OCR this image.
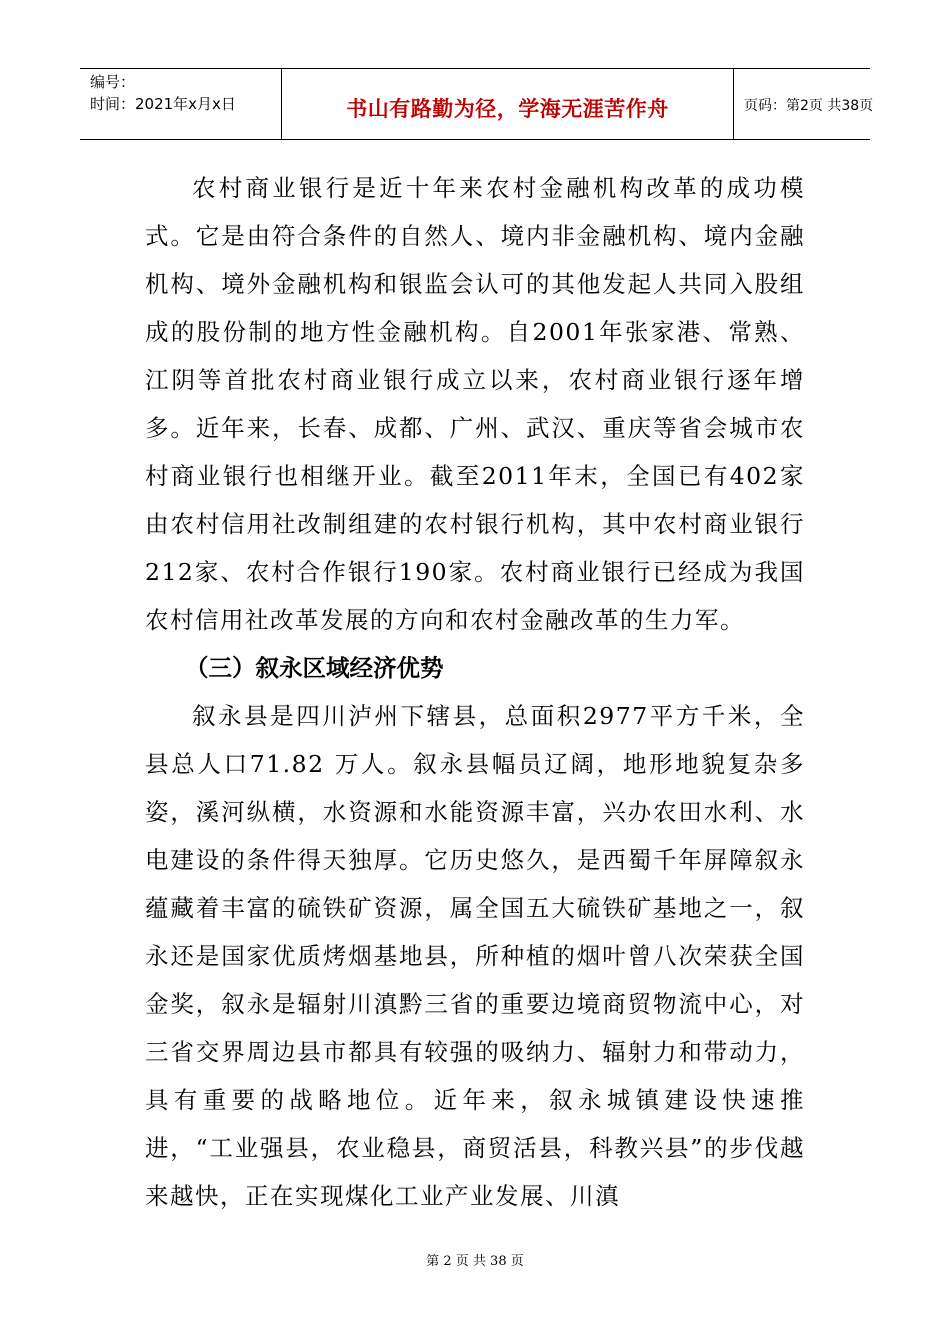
编号：
时间：2021年x月x日	书山有路勤为径，学海无涯苦作舟	页码：第2页 共38页

农村商业银行是近十年来农村金融机构改革的成功模式。它是由符合条件的自然人、境内非金融机构、境内金融机构、境外金融机构和银监会认可的其他发起人共同入股组成的股份制的地方性金融机构。自2001年张家港、常熟、江阴等首批农村商业银行成立以来，农村商业银行逐年增多。近年来，长春、成都、广州、武汉、重庆等省会城市农村商业银行也相继开业。截至2011年末，全国已有402家由农村信用社改制组建的农村银行机构，其中农村商业银行212家、农村合作银行190家。农村商业银行已经成为我国农村信用社改革发展的方向和农村金融改革的生力军。

（三）叙永区域经济优势

叙永县是四川泸州下辖县，总面积2977平方千米，全县总人口71.82 万人。叙永县幅员辽阔，地形地貌复杂多姿，溪河纵横，水资源和水能资源丰富，兴办农田水利、水电建设的条件得天独厚。它历史悠久，是西蜀千年屏障叙永蕴藏着丰富的硫铁矿资源，属全国五大硫铁矿基地之一，叙永还是国家优质烤烟基地县，所种植的烟叶曾八次荣获全国金奖，叙永是辐射川滇黔三省的重要边境商贸物流中心，对三省交界周边县市都具有较强的吸纳力、辐射力和带动力，具有重要的战略地位。近年来，叙永城镇建设快速推进，“工业强县，农业稳县，商贸活县，科教兴县”的步伐越来越快，正在实现煤化工业产业发展、川滇

第 2 页 共 38 页
